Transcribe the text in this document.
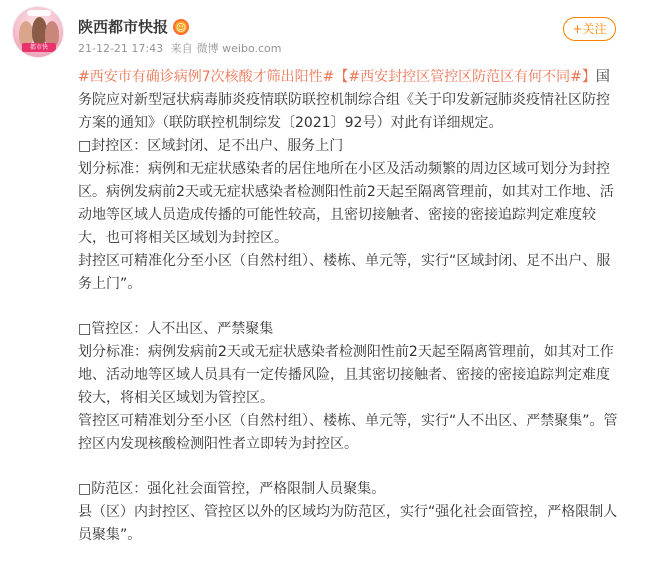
都市快
陕西都市快报 ☺
21-12-21 17:43 来自 微博 weibo.com
+关注

#西安市有确诊病例7次核酸才筛出阳性#【#西安封控区管控区防范区有何不同#】国务院应对新型冠状病毒肺炎疫情联防联控机制综合组《关于印发新冠肺炎疫情社区防控方案的通知》（联防联控机制综发〔2021〕92号）对此有详细规定。

□封控区：区域封闭、足不出户、服务上门

划分标准：病例和无症状感染者的居住地所在小区及活动频繁的周边区域可划分为封控区。病例发病前2天或无症状感染者检测阳性前2天起至隔离管理前，如其对工作地、活动地等区域人员造成传播的可能性较高，且密切接触者、密接的密接追踪判定难度较大，也可将相关区域划为封控区。

封控区可精准化分至小区（自然村组）、楼栋、单元等，实行“区域封闭、足不出户、服务上门”。

□管控区：人不出区、严禁聚集

划分标准：病例发病前2天或无症状感染者检测阳性前2天起至隔离管理前，如其对工作地、活动地等区域人员具有一定传播风险，且其密切接触者、密接的密接追踪判定难度较大，将相关区域划为管控区。

管控区可精准划分至小区（自然村组）、楼栋、单元等，实行“人不出区、严禁聚集”。管控区内发现核酸检测阳性者立即转为封控区。

□防范区：强化社会面管控，严格限制人员聚集。

县（区）内封控区、管控区以外的区域均为防范区，实行“强化社会面管控，严格限制人员聚集”。
